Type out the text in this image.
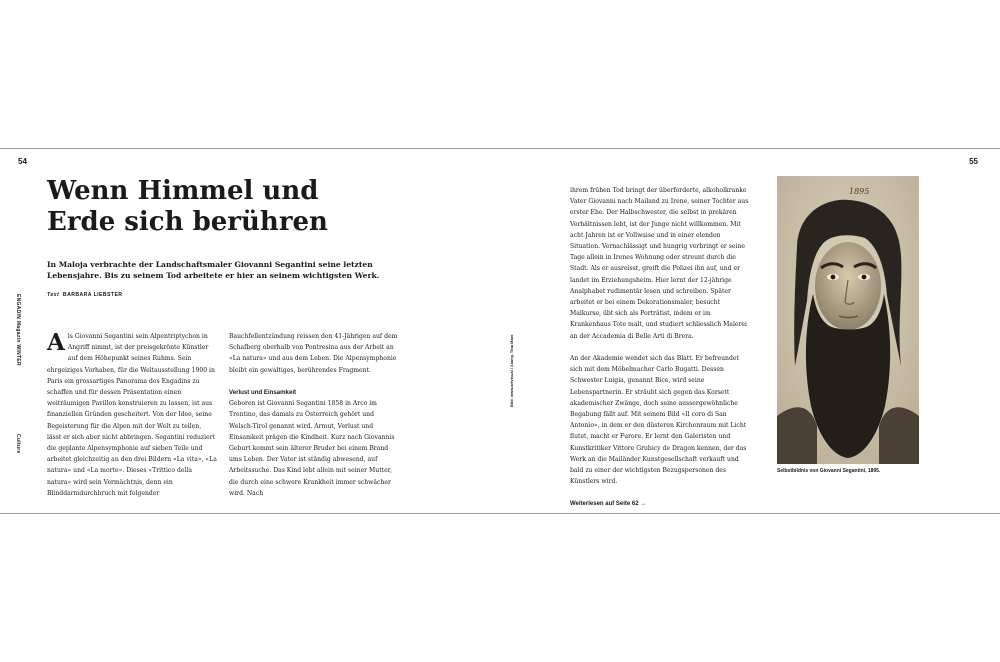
54	55
Wenn Himmel und
Erde sich berühren

In Maloja verbrachte der Landschaftsmaler Giovanni Segantini seine letzten Lebensjahre. Bis zu seinem Tod arbeitete er hier an seinem wichtigsten Werk.

Text BARBARA LIEBSTER
ENGADIN Magazin WINTER
Culture

Als Giovanni Segantini sein Alpentriptychon in Angriff nimmt, ist der preisgekrönte Künstler auf dem Höhepunkt seines Ruhms. Sein ehrgeiziges Vorhaben, für die Weltausstellung 1900 in Paris ein grossartiges Panorama des Engadins zu schaffen und für dessen Präsentation einen weiträumigen Pavillon konstruieren zu lassen, ist aus finanziellen Gründen gescheitert. Von der Idee, seine Begeisterung für die Alpen mit der Welt zu teilen, lässt er sich aber nicht abbringen. Segantini reduziert die geplante Alpensymphonie auf sieben Teile und arbeitet gleichzeitig an den drei Bildern «La vita», «La natura» und «La morte». Dieses «Trittico della natura» wird sein Vermächtnis, denn ein Blinddarmdurchbruch mit folgender

Bauchfellentzündung reissen den 41-Jährigen auf dem Schafberg oberhalb von Pontresina aus der Arbeit an «La natura» und aus dem Leben. Die Alpensymphonie bleibt ein gewaltiges, berührendes Fragment.

Verlust und Einsamkeit

Geboren ist Giovanni Segantini 1858 in Arco im Trentino, das damals zu Österreich gehört und Welsch-Tirol genannt wird. Armut, Verlust und Einsamkeit prägen die Kindheit. Kurz nach Giovannis Geburt kommt sein älterer Bruder bei einem Brand ums Leben. Der Vater ist ständig abwesend, auf Arbeitssuche. Das Kind lebt allein mit seiner Mutter, die durch eine schwere Krankheit immer schwächer wird. Nach

Bild: www.artvisual / Alamy, Tina Marx

ihrem frühen Tod bringt der überforderte, alkoholkranke Vater Giovanni nach Mailand zu Irene, seiner Tochter aus erster Ehe. Der Halbschwester, die selbst in prekären Verhältnissen lebt, ist der Junge nicht willkommen. Mit acht Jahren ist er Vollwaise und in einer elenden Situation. Vernachlässigt und hungrig verbringt er seine Tage allein in Irenes Wohnung oder streunt durch die Stadt. Als er ausreisst, greift die Polizei ihn auf, und er landet im Erziehungsheim. Hier lernt der 12-jährige Analphabet rudimentär lesen und schreiben. Später arbeitet er bei einem Dekorationsmaler, besucht Malkurse, übt sich als Porträtist, indem er im Krankenhaus Tote malt, und studiert schliesslich Malerei an der Accademia di Belle Arti di Brera.

An der Akademie wendet sich das Blatt. Er befreundet sich mit dem Möbelmacher Carlo Bugatti. Dessen Schwester Luigia, genannt Bice, wird seine Lebenspartnerin. Er sträubt sich gegen das Korsett akademischer Zwänge, doch seine aussergewöhnliche Begabung fällt auf. Mit seinem Bild «Il coro di San Antonio», in dem er den düsteren Kirchenraum mit Licht flutet, macht er Furore. Er lernt den Galeristen und Kunstkritiker Vittore Grubicy de Dragon kennen, der das Werk an die Mailänder Kunstgesellschaft verkauft und bald zu einer der wichtigsten Bezugspersonen des Künstlers wird.

Weiterlesen auf Seite 62 →

1895
Selbstbildnis von Giovanni Segantini, 1895.
